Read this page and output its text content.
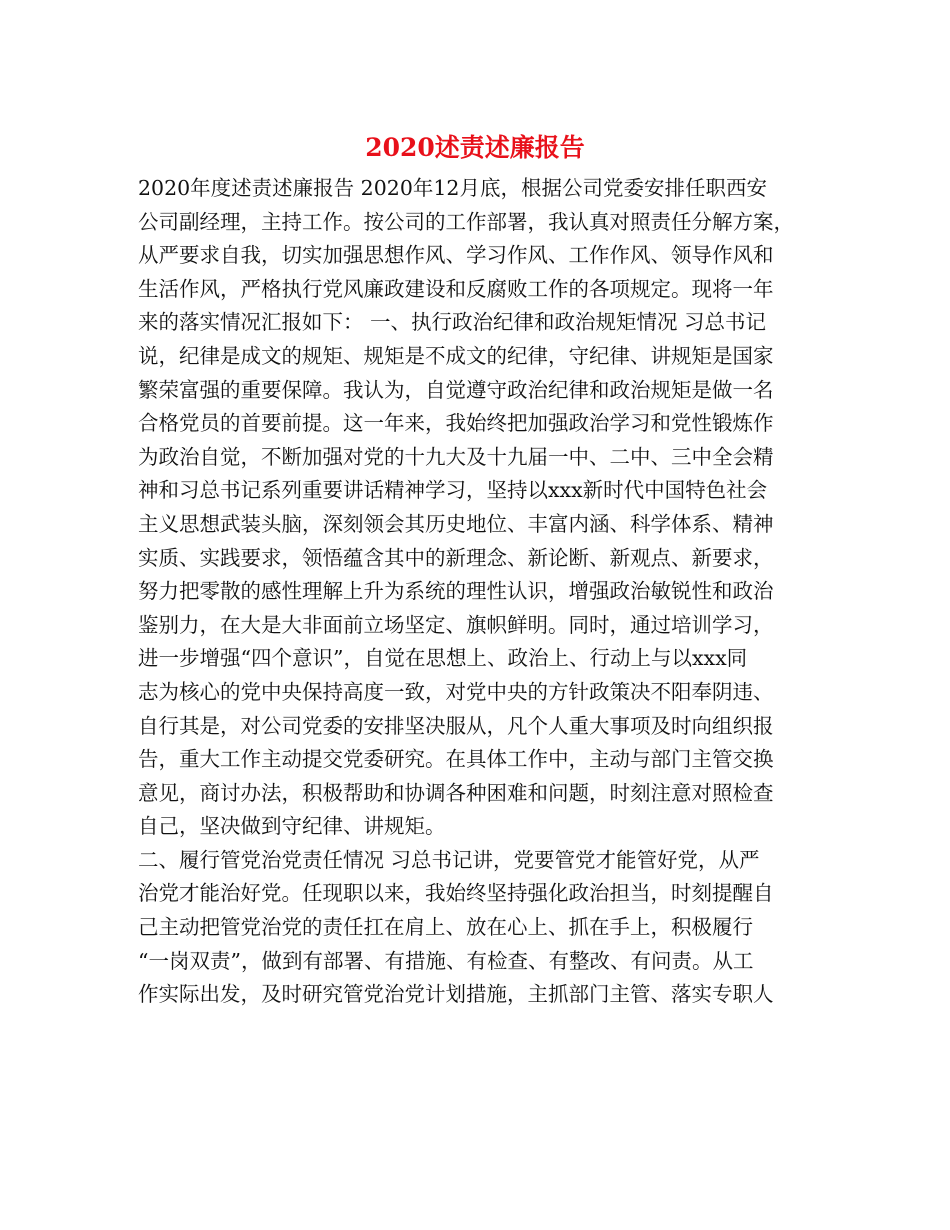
2020述责述廉报告
2020年度述责述廉报告 2020年12月底，根据公司党委安排任职西安
公司副经理，主持工作。按公司的工作部署，我认真对照责任分解方案，
从严要求自我，切实加强思想作风、学习作风、工作作风、领导作风和
生活作风，严格执行党风廉政建设和反腐败工作的各项规定。现将一年
来的落实情况汇报如下： 一、执行政治纪律和政治规矩情况 习总书记
说，纪律是成文的规矩、规矩是不成文的纪律，守纪律、讲规矩是国家
繁荣富强的重要保障。我认为，自觉遵守政治纪律和政治规矩是做一名
合格党员的首要前提。这一年来，我始终把加强政治学习和党性锻炼作
为政治自觉，不断加强对党的十九大及十九届一中、二中、三中全会精
神和习总书记系列重要讲话精神学习，坚持以xxx新时代中国特色社会
主义思想武装头脑，深刻领会其历史地位、丰富内涵、科学体系、精神
实质、实践要求，领悟蕴含其中的新理念、新论断、新观点、新要求，
努力把零散的感性理解上升为系统的理性认识，增强政治敏锐性和政治
鉴别力，在大是大非面前立场坚定、旗帜鲜明。同时，通过培训学习，
进一步增强“四个意识”，自觉在思想上、政治上、行动上与以xxx同
志为核心的党中央保持高度一致，对党中央的方针政策决不阳奉阴违、
自行其是，对公司党委的安排坚决服从，凡个人重大事项及时向组织报
告，重大工作主动提交党委研究。在具体工作中，主动与部门主管交换
意见，商讨办法，积极帮助和协调各种困难和问题，时刻注意对照检查
自己，坚决做到守纪律、讲规矩。
二、履行管党治党责任情况 习总书记讲，党要管党才能管好党，从严
治党才能治好党。任现职以来，我始终坚持强化政治担当，时刻提醒自
己主动把管党治党的责任扛在肩上、放在心上、抓在手上，积极履行
“一岗双责”，做到有部署、有措施、有检查、有整改、有问责。从工
作实际出发，及时研究管党治党计划措施，主抓部门主管、落实专职人
